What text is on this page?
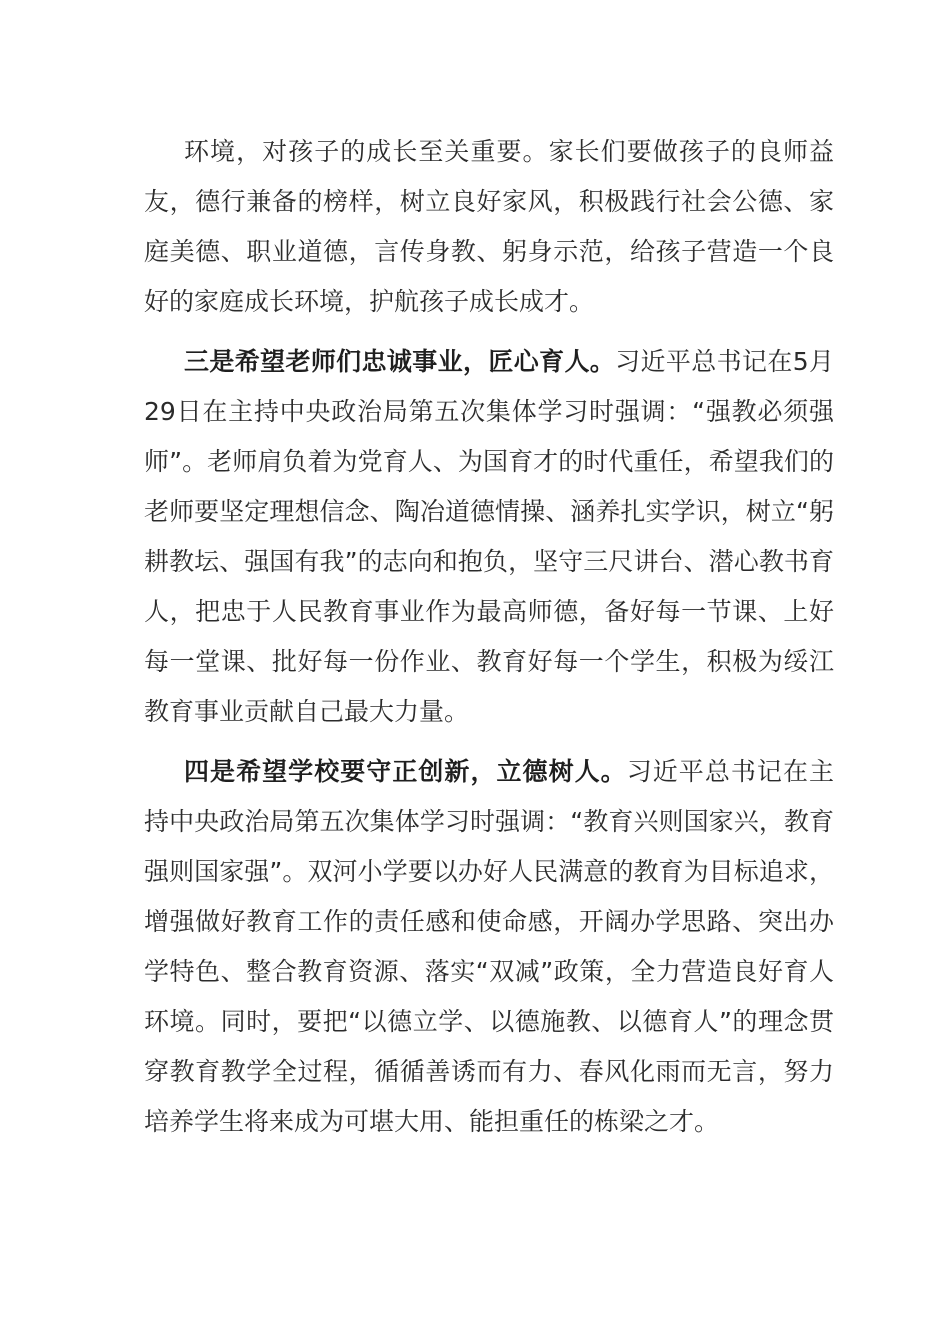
环境，对孩子的成长至关重要。家长们要做孩子的良师益友，德行兼备的榜样，树立良好家风，积极践行社会公德、家庭美德、职业道德，言传身教、躬身示范，给孩子营造一个良好的家庭成长环境，护航孩子成长成才。

三是希望老师们忠诚事业，匠心育人。习近平总书记在5月29日在主持中央政治局第五次集体学习时强调：“强教必须强师”。老师肩负着为党育人、为国育才的时代重任，希望我们的老师要坚定理想信念、陶冶道德情操、涵养扎实学识，树立“躬耕教坛、强国有我”的志向和抱负，坚守三尺讲台、潜心教书育人，把忠于人民教育事业作为最高师德，备好每一节课、上好每一堂课、批好每一份作业、教育好每一个学生，积极为绥江教育事业贡献自己最大力量。

四是希望学校要守正创新，立德树人。习近平总书记在主持中央政治局第五次集体学习时强调：“教育兴则国家兴，教育强则国家强”。双河小学要以办好人民满意的教育为目标追求，增强做好教育工作的责任感和使命感，开阔办学思路、突出办学特色、整合教育资源、落实“双减”政策，全力营造良好育人环境。同时，要把“以德立学、以德施教、以德育人”的理念贯穿教育教学全过程，循循善诱而有力、春风化雨而无言，努力培养学生将来成为可堪大用、能担重任的栋梁之才。
